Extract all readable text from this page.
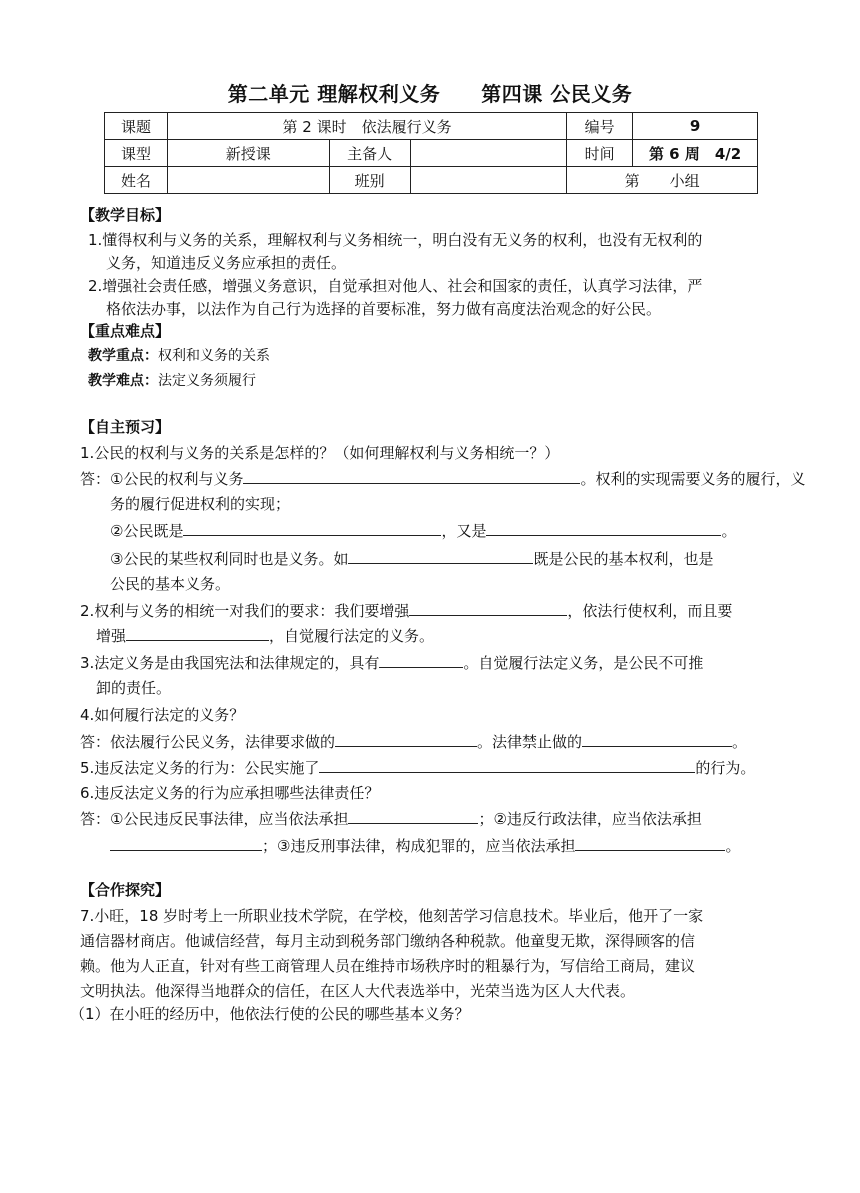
第二单元 理解权利义务　　第四课 公民义务
课题	第 2 课时　依法履行义务			编号	9
课型	新授课	主备人		时间	第 6 周　4/2
姓名		班别		第　　小组	
【教学目标】
1.懂得权利与义务的关系，理解权利与义务相统一，明白没有无义务的权利，也没有无权利的
义务，知道违反义务应承担的责任。
2.增强社会责任感，增强义务意识，自觉承担对他人、社会和国家的责任，认真学习法律，严
格依法办事，以法作为自己行为选择的首要标准，努力做有高度法治观念的好公民。
【重点难点】
教学重点：权利和义务的关系
教学难点：法定义务须履行
【自主预习】
1.公民的权利与义务的关系是怎样的？（如何理解权利与义务相统一？）
答：①公民的权利与义务	。权利的实现需要义务的履行，义
务的履行促进权利的实现；
②公民既是	，又是	。
③公民的某些权利同时也是义务。如	既是公民的基本权利，也是
公民的基本义务。
2.权利与义务的相统一对我们的要求：我们要增强	，依法行使权利，而且要
增强	，自觉履行法定的义务。
3.法定义务是由我国宪法和法律规定的，具有	。自觉履行法定义务，是公民不可推
卸的责任。
4.如何履行法定的义务？
答：依法履行公民义务，法律要求做的	。法律禁止做的	。
5.违反法定义务的行为：公民实施了	的行为。
6.违反法定义务的行为应承担哪些法律责任？
答：①公民违反民事法律，应当依法承担	；②违反行政法律，应当依法承担
；③违反刑事法律，构成犯罪的，应当依法承担	。
【合作探究】
7.小旺，18 岁时考上一所职业技术学院，在学校，他刻苦学习信息技术。毕业后，他开了一家
通信器材商店。他诚信经营，每月主动到税务部门缴纳各种税款。他童叟无欺，深得顾客的信
赖。他为人正直，针对有些工商管理人员在维持市场秩序时的粗暴行为，写信给工商局，建议
文明执法。他深得当地群众的信任，在区人大代表选举中，光荣当选为区人大代表。
（1）在小旺的经历中，他依法行使的公民的哪些基本义务？
